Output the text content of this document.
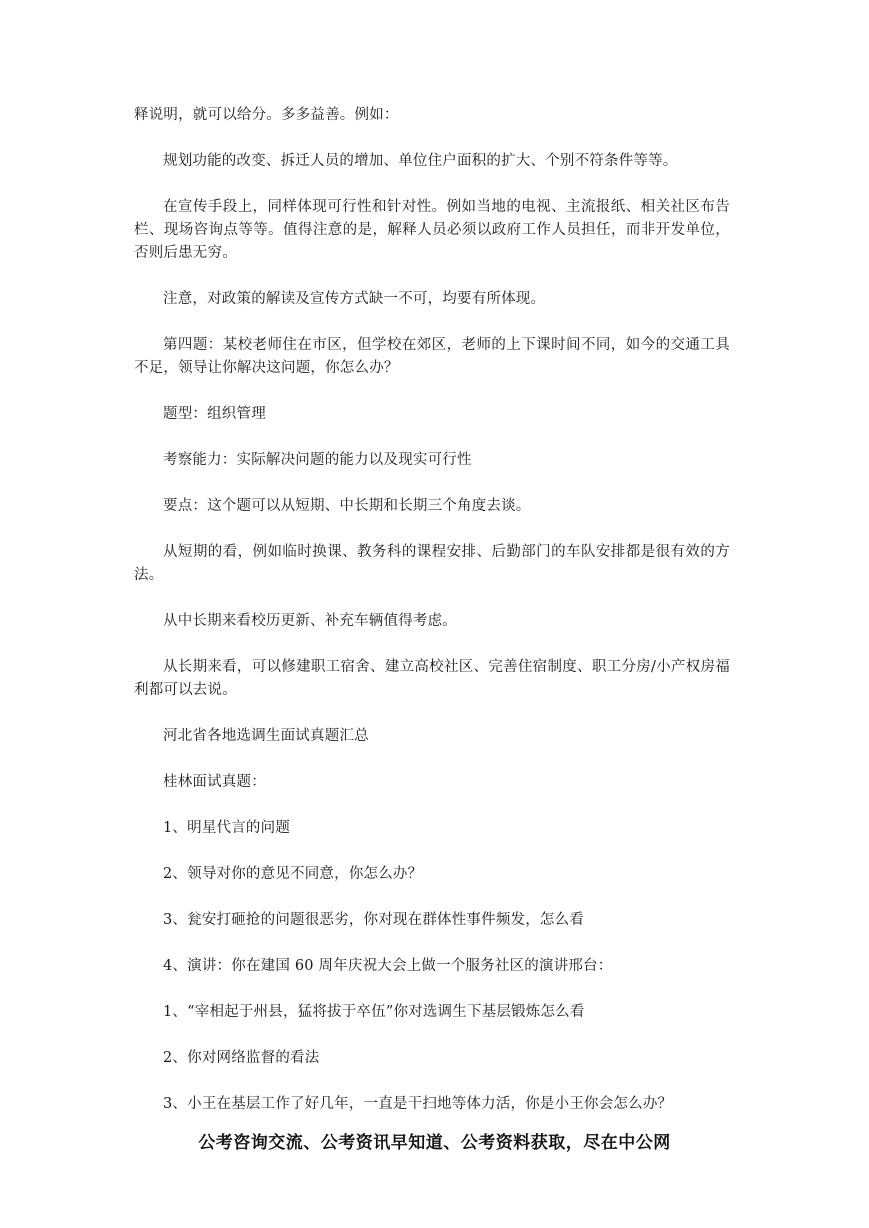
释说明，就可以给分。多多益善。例如：

规划功能的改变、拆迁人员的增加、单位住户面积的扩大、个别不符条件等等。

在宣传手段上，同样体现可行性和针对性。例如当地的电视、主流报纸、相关社区布告栏、现场咨询点等等。值得注意的是，解释人员必须以政府工作人员担任，而非开发单位，否则后患无穷。

注意，对政策的解读及宣传方式缺一不可，均要有所体现。

第四题：某校老师住在市区，但学校在郊区，老师的上下课时间不同，如今的交通工具不足，领导让你解决这问题，你怎么办？

题型：组织管理

考察能力：实际解决问题的能力以及现实可行性

要点：这个题可以从短期、中长期和长期三个角度去谈。

从短期的看，例如临时换课、教务科的课程安排、后勤部门的车队安排都是很有效的方法。

从中长期来看校历更新、补充车辆值得考虑。

从长期来看，可以修建职工宿舍、建立高校社区、完善住宿制度、职工分房/小产权房福利都可以去说。

河北省各地选调生面试真题汇总

桂林面试真题：

1、明星代言的问题

2、领导对你的意见不同意，你怎么办？

3、瓮安打砸抢的问题很恶劣，你对现在群体性事件频发，怎么看

4、演讲：你在建国 60 周年庆祝大会上做一个服务社区的演讲邢台：

1、“宰相起于州县，猛将拔于卒伍”你对选调生下基层锻炼怎么看

2、你对网络监督的看法

3、小王在基层工作了好几年，一直是干扫地等体力活，你是小王你会怎么办？

公考咨询交流、公考资讯早知道、公考资料获取，尽在中公网
